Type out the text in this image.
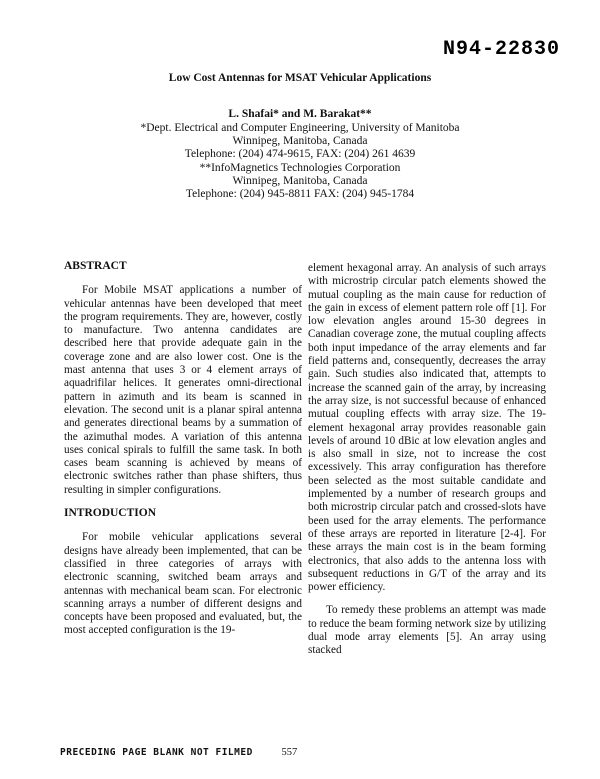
N94-22830
Low Cost Antennas for MSAT Vehicular Applications
L. Shafai* and M. Barakat**
*Dept. Electrical and Computer Engineering, University of Manitoba
Winnipeg, Manitoba, Canada
Telephone: (204) 474-9615, FAX: (204) 261 4639
**InfoMagnetics Technologies Corporation
Winnipeg, Manitoba, Canada
Telephone: (204) 945-8811 FAX: (204) 945-1784
ABSTRACT

For Mobile MSAT applications a number of vehicular antennas have been developed that meet the program requirements. They are, however, costly to manufacture. Two antenna candidates are described here that provide adequate gain in the coverage zone and are also lower cost. One is the mast antenna that uses 3 or 4 element arrays of aquadrifilar helices. It generates omni-directional pattern in azimuth and its beam is scanned in elevation. The second unit is a planar spiral antenna and generates directional beams by a summation of the azimuthal modes. A variation of this antenna uses conical spirals to fulfill the same task. In both cases beam scanning is achieved by means of electronic switches rather than phase shifters, thus resulting in simpler configurations.

INTRODUCTION

For mobile vehicular applications several designs have already been implemented, that can be classified in three categories of arrays with electronic scanning, switched beam arrays and antennas with mechanical beam scan. For electronic scanning arrays a number of different designs and concepts have been proposed and evaluated, but, the most accepted configuration is the 19-

element hexagonal array. An analysis of such arrays with microstrip circular patch elements showed the mutual coupling as the main cause for reduction of the gain in excess of element pattern role off [1]. For low elevation angles around 15-30 degrees in Canadian coverage zone, the mutual coupling affects both input impedance of the array elements and far field patterns and, consequently, decreases the array gain. Such studies also indicated that, attempts to increase the scanned gain of the array, by increasing the array size, is not successful because of enhanced mutual coupling effects with array size. The 19-element hexagonal array provides reasonable gain levels of around 10 dBic at low elevation angles and is also small in size, not to increase the cost excessively. This array configuration has therefore been selected as the most suitable candidate and implemented by a number of research groups and both microstrip circular patch and crossed-slots have been used for the array elements. The performance of these arrays are reported in literature [2-4]. For these arrays the main cost is in the beam forming electronics, that also adds to the antenna loss with subsequent reductions in G/T of the array and its power efficiency.

To remedy these problems an attempt was made to reduce the beam forming network size by utilizing dual mode array elements [5]. An array using stacked

PRECEDING PAGE BLANK NOT FILMED	557
